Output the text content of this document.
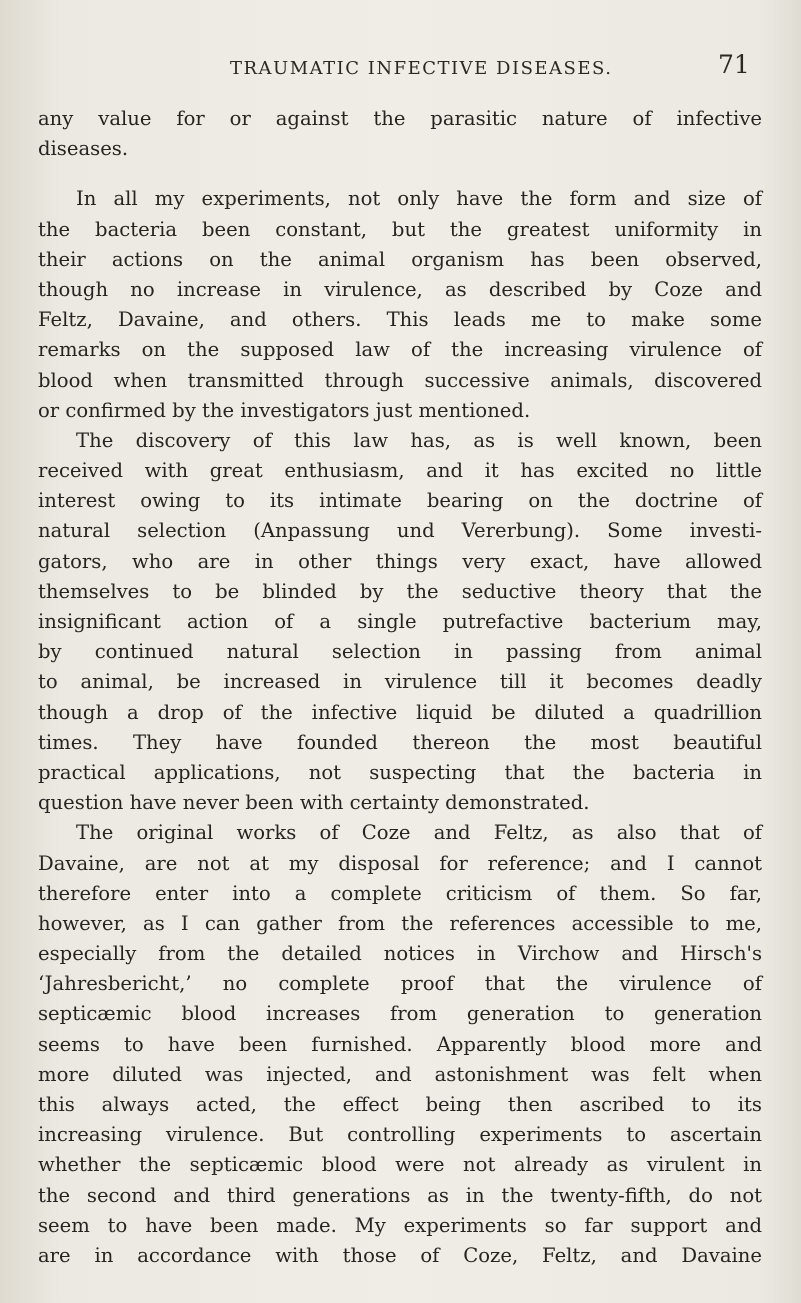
TRAUMATIC INFECTIVE DISEASES.	71
any value for or against the parasitic nature of infective
diseases.
In all my experiments, not only have the form and size of
the bacteria been constant, but the greatest uniformity in
their actions on the animal organism has been observed,
though no increase in virulence, as described by Coze and
Feltz, Davaine, and others. This leads me to make some
remarks on the supposed law of the increasing virulence of
blood when transmitted through successive animals, discovered
or confirmed by the investigators just mentioned.
The discovery of this law has, as is well known, been
received with great enthusiasm, and it has excited no little
interest owing to its intimate bearing on the doctrine of
natural selection (Anpassung und Vererbung). Some investi-
gators, who are in other things very exact, have allowed
themselves to be blinded by the seductive theory that the
insignificant action of a single putrefactive bacterium may,
by continued natural selection in passing from animal
to animal, be increased in virulence till it becomes deadly
though a drop of the infective liquid be diluted a quadrillion
times. They have founded thereon the most beautiful
practical applications, not suspecting that the bacteria in
question have never been with certainty demonstrated.
The original works of Coze and Feltz, as also that of
Davaine, are not at my disposal for reference; and I cannot
therefore enter into a complete criticism of them. So far,
however, as I can gather from the references accessible to me,
especially from the detailed notices in Virchow and Hirsch's
‘Jahresbericht,’ no complete proof that the virulence of
septicæmic blood increases from generation to generation
seems to have been furnished. Apparently blood more and
more diluted was injected, and astonishment was felt when
this always acted, the effect being then ascribed to its
increasing virulence. But controlling experiments to ascertain
whether the septicæmic blood were not already as virulent in
the second and third generations as in the twenty-fifth, do not
seem to have been made. My experiments so far support and
are in accordance with those of Coze, Feltz, and Davaine
